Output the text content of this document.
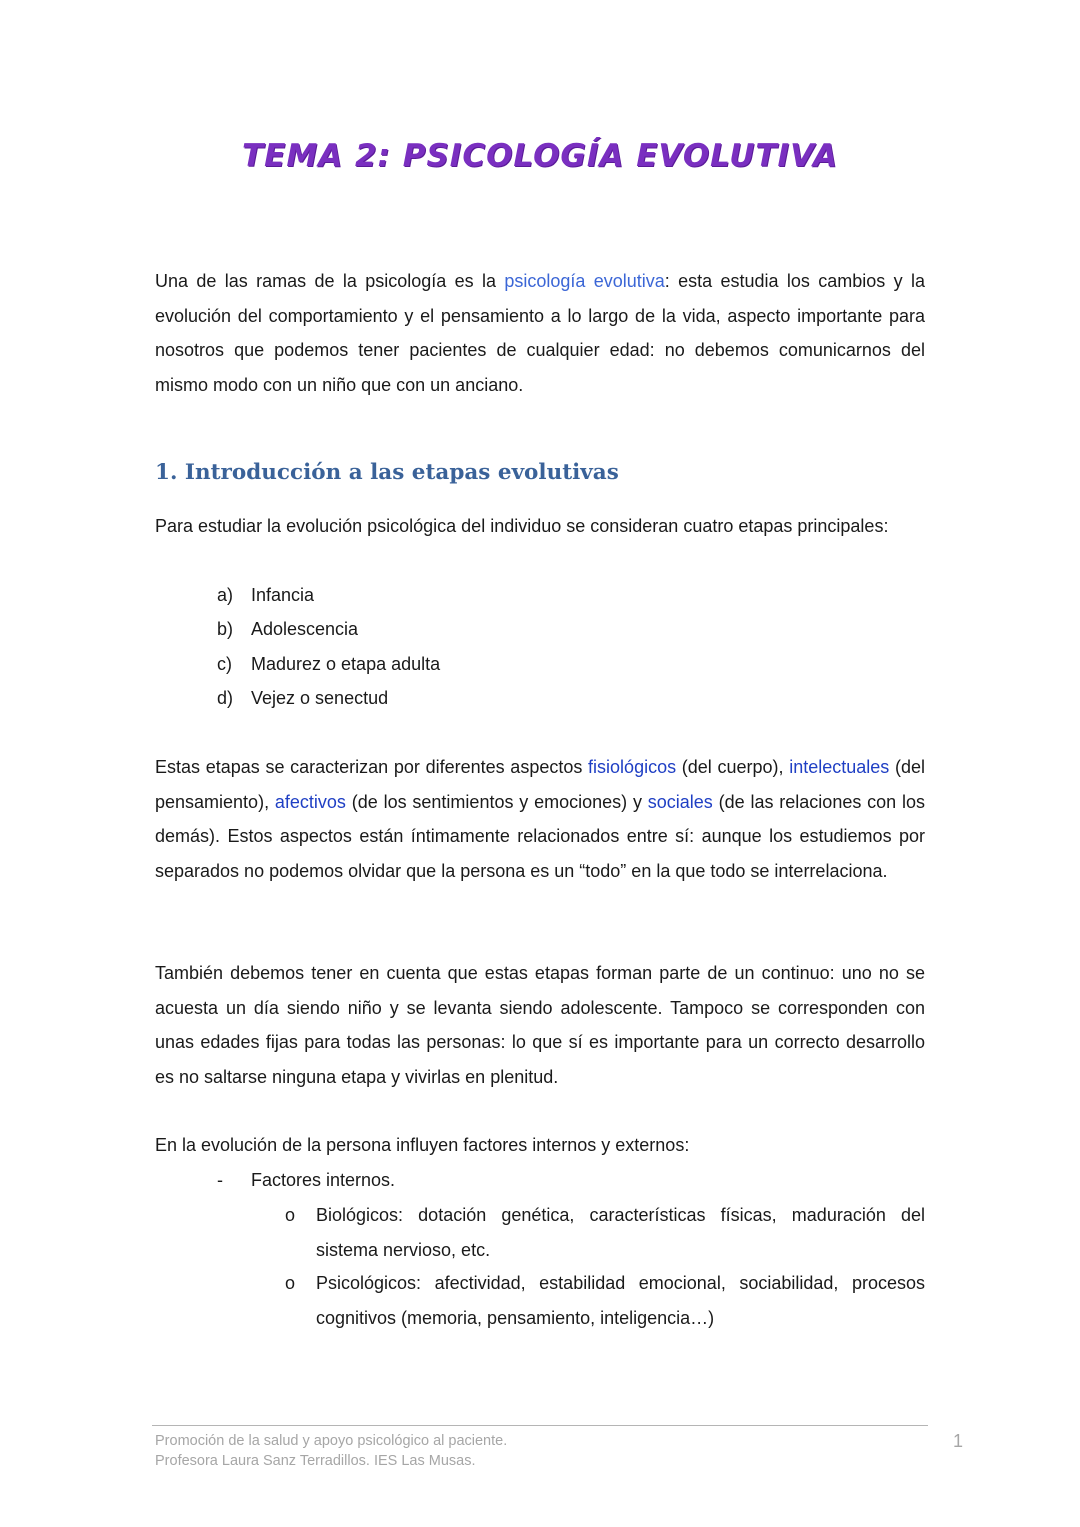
TEMA 2: PSICOLOGÍA EVOLUTIVA

Una de las ramas de la psicología es la psicología evolutiva: esta estudia los cambios y la evolución del comportamiento y el pensamiento a lo largo de la vida, aspecto importante para nosotros que podemos tener pacientes de cualquier edad: no debemos comunicarnos del mismo modo con un niño que con un anciano.

1. Introducción a las etapas evolutivas

Para estudiar la evolución psicológica del individuo se consideran cuatro etapas principales:

a) Infancia
b) Adolescencia
c) Madurez o etapa adulta
d) Vejez o senectud

Estas etapas se caracterizan por diferentes aspectos fisiológicos (del cuerpo), intelectuales (del pensamiento), afectivos (de los sentimientos y emociones) y sociales (de las relaciones con los demás). Estos aspectos están íntimamente relacionados entre sí: aunque los estudiemos por separados no podemos olvidar que la persona es un “todo” en la que todo se interrelaciona.

También debemos tener en cuenta que estas etapas forman parte de un continuo: uno no se acuesta un día siendo niño y se levanta siendo adolescente. Tampoco se corresponden con unas edades fijas para todas las personas: lo que sí es importante para un correcto desarrollo es no saltarse ninguna etapa y vivirlas en plenitud.

En la evolución de la persona influyen factores internos y externos:

- Factores internos.
o Biológicos: dotación genética, características físicas, maduración del sistema nervioso, etc.

o Psicológicos: afectividad, estabilidad emocional, sociabilidad, procesos cognitivos (memoria, pensamiento, inteligencia…)

Promoción de la salud y apoyo psicológico al paciente.

Profesora Laura Sanz Terradillos. IES Las Musas.

1
